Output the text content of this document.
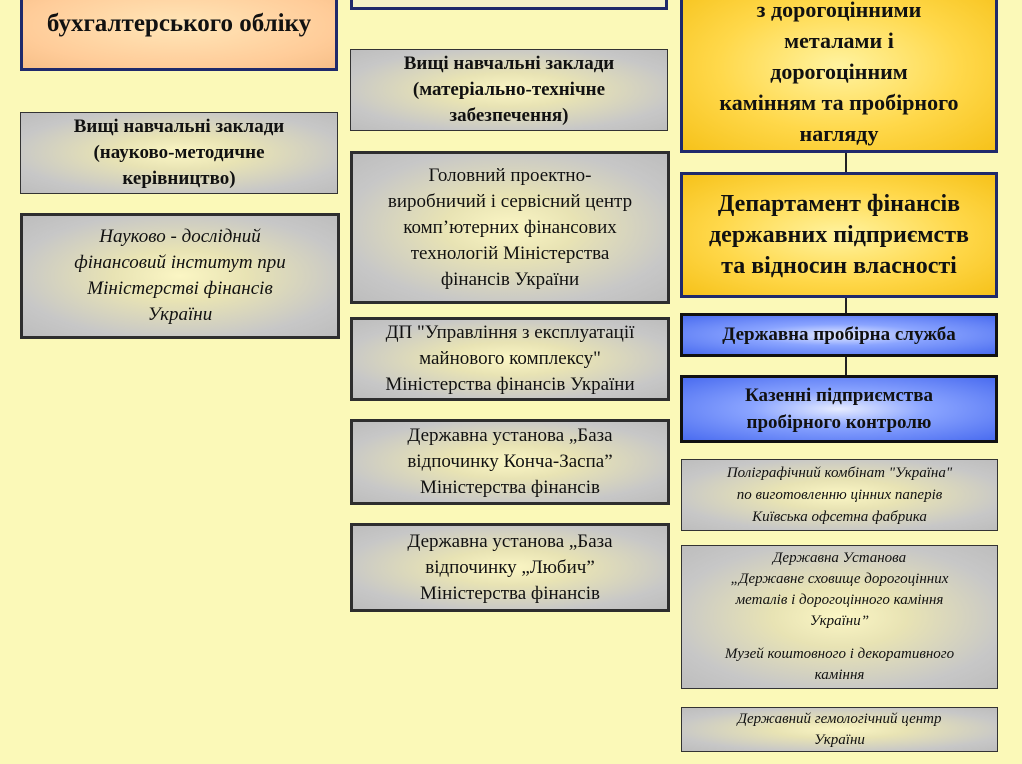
бухгалтерського обліку
Вищі навчальні заклади
(науково-методичне
керівництво)
Науково - дослідний
фінансовий інститут при
Міністерстві фінансів
України
Вищі навчальні заклади
(матеріально-технічне
забезпечення)
Головний проектно-
виробничий і сервісний центр
комп’ютерних фінансових
технологій Міністерства
фінансів України
ДП "Управління з експлуатації
майнового комплексу"
Міністерства фінансів України
Державна установа „База
відпочинку Конча-Заспа”
Міністерства фінансів
Державна установа „База
відпочинку „Любич”
Міністерства фінансів
з дорогоцінними
металами і
дорогоцінним
камінням та пробірного
нагляду
Департамент фінансів
державних підприємств
та відносин власності
Державна пробірна служба
Казенні підприємства
пробірного контролю
Поліграфічний комбінат "Україна"
по виготовленню цінних паперів
Київська офсетна фабрика
Державна Установа
„Державне сховище дорогоцінних
металів і дорогоцінного каміння
України”
Музей коштовного і декоративного
каміння
Державний гемологічний центр
України
